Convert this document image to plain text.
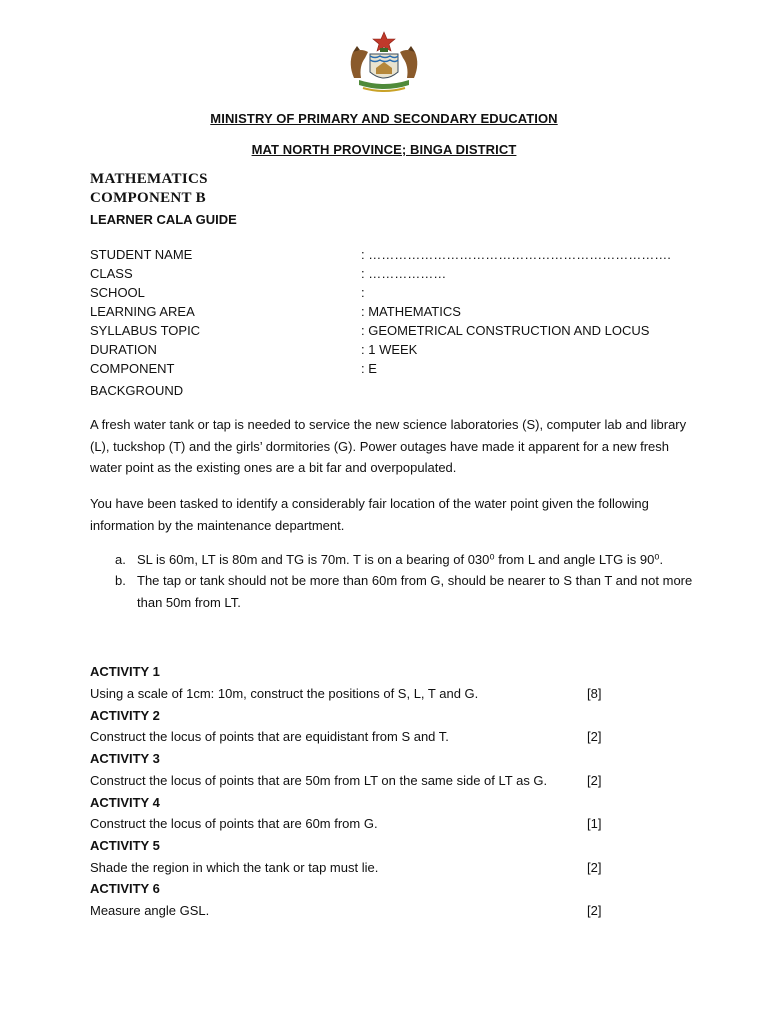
MINISTRY OF PRIMARY AND SECONDARY EDUCATION
MAT NORTH PROVINCE; BINGA DISTRICT
MATHEMATICS
COMPONENT B
LEARNER CALA GUIDE
STUDENT NAME	: …………………………………………………………….
CLASS	: ………………
SCHOOL	:
LEARNING AREA	: MATHEMATICS
SYLLABUS TOPIC	: GEOMETRICAL CONSTRUCTION AND LOCUS
DURATION	: 1 WEEK
COMPONENT	: E
BACKGROUND
A fresh water tank or tap is needed to service the new science laboratories (S), computer lab and library (L), tuckshop (T) and the girls’ dormitories (G). Power outages have made it apparent for a new fresh water point as the existing ones are a bit far and overpopulated.
You have been tasked to identify a considerably fair location of the water point given the following information by the maintenance department.
a. SL is 60m, LT is 80m and TG is 70m. T is on a bearing of 030⁰ from L and angle LTG is 90⁰.
b. The tap or tank should not be more than 60m from G, should be nearer to S than T and not more than 50m from LT.
ACTIVITY 1
Using a scale of 1cm: 10m, construct the positions of S, L, T and G.	[8]
ACTIVITY 2
Construct the locus of points that are equidistant from S and T.	[2]
ACTIVITY 3
Construct the locus of points that are 50m from LT on the same side of LT as G.	[2]
ACTIVITY 4
Construct the locus of points that are 60m from G.	[1]
ACTIVITY 5
Shade the region in which the tank or tap must lie.	[2]
ACTIVITY 6
Measure angle GSL.	[2]
